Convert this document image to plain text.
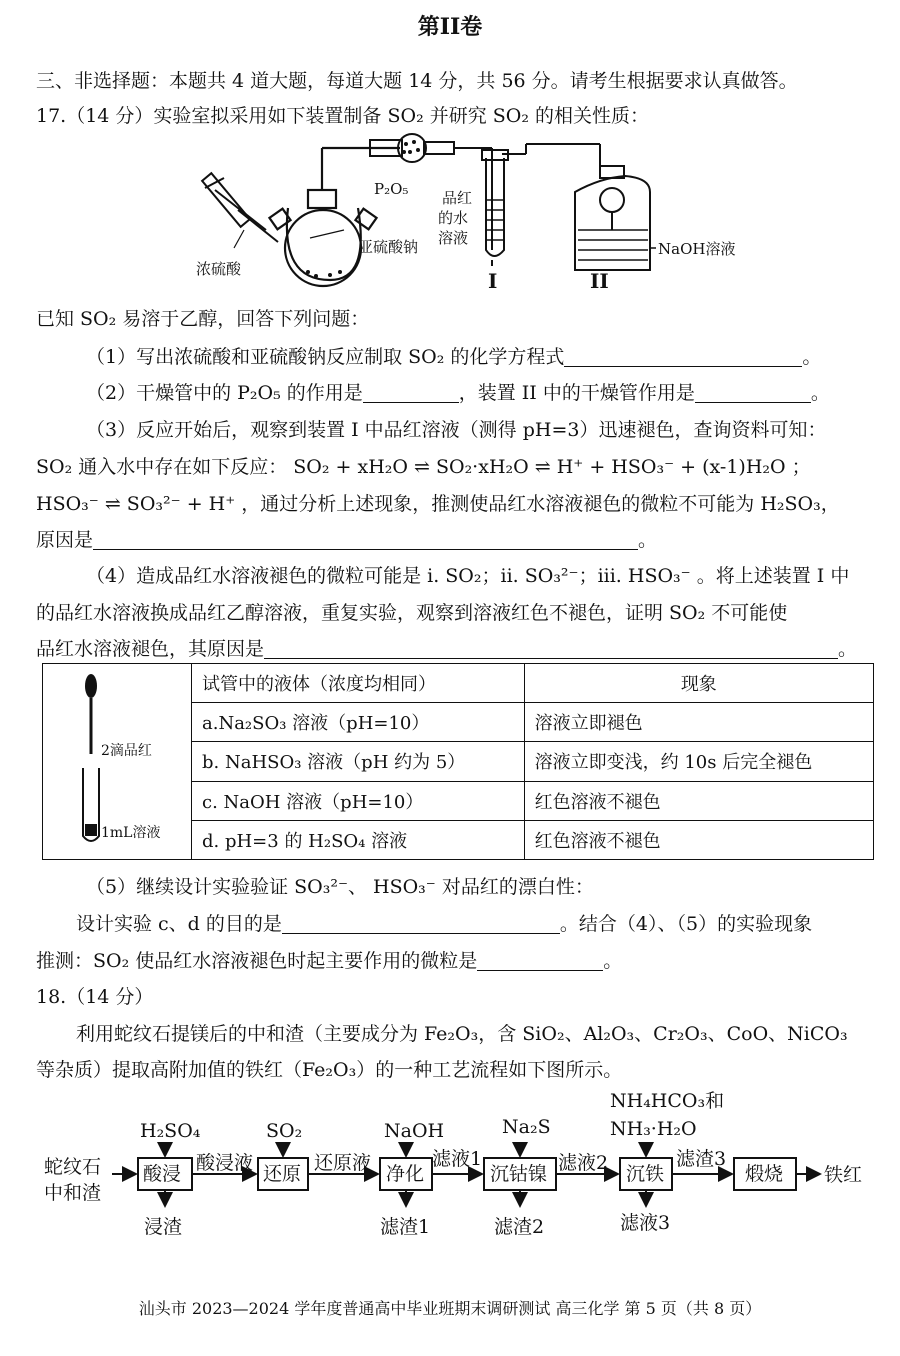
第II卷
三、非选择题：本题共 4 道大题，每道大题 14 分，共 56 分。请考生根据要求认真做答。
17.（14 分）实验室拟采用如下装置制备 SO₂ 并研究 SO₂ 的相关性质：
P₂O₅
浓硫酸
亚硫酸钠
品红
的水
溶液
NaOH溶液
I	II
已知 SO₂ 易溶于乙醇，回答下列问题：
（1）写出浓硫酸和亚硫酸钠反应制取 SO₂ 的化学方程式	。
（2）干燥管中的 P₂O₅ 的作用是	，装置 II 中的干燥管作用是	。
（3）反应开始后，观察到装置 I 中品红溶液（测得 pH=3）迅速褪色，查询资料可知：
SO₂ 通入水中存在如下反应： SO₂ + xH₂O ⇌ SO₂·xH₂O ⇌ H⁺ + HSO₃⁻ + (x-1)H₂O ；
HSO₃⁻ ⇌ SO₃²⁻ + H⁺ ，通过分析上述现象，推测使品红水溶液褪色的微粒不可能为 H₂SO₃，
原因是	。
（4）造成品红水溶液褪色的微粒可能是 i. SO₂；ii. SO₃²⁻；iii. HSO₃⁻ 。将上述装置 I 中
的品红水溶液换成品红乙醇溶液，重复实验，观察到溶液红色不褪色，证明 SO₂ 不可能使
品红水溶液褪色，其原因是	。
2滴品红
1mL溶液	试管中的液体（浓度均相同）	现象
	a.Na₂SO₃ 溶液（pH=10）	溶液立即褪色
	b. NaHSO₃ 溶液（pH 约为 5）	溶液立即变浅，约 10s 后完全褪色
	c. NaOH 溶液（pH=10）	红色溶液不褪色
	d. pH=3 的 H₂SO₄ 溶液	红色溶液不褪色
（5）继续设计实验验证 SO₃²⁻、 HSO₃⁻ 对品红的漂白性：
设计实验 c、d 的目的是	。结合（4）、（5）的实验现象
推测：SO₂ 使品红水溶液褪色时起主要作用的微粒是	。
18.（14 分）
利用蛇纹石提镁后的中和渣（主要成分为 Fe₂O₃，含 SiO₂、Al₂O₃、Cr₂O₃、CoO、NiCO₃
等杂质）提取高附加值的铁红（Fe₂O₃）的一种工艺流程如下图所示。
蛇纹石
中和渣
酸浸	还原	净化	沉钴镍	沉铁	煅烧
H₂SO₄	SO₂	NaOH	Na₂S
NH₄HCO₃和
NH₃·H₂O
酸浸液	还原液	滤液1	滤液2	滤渣3
浸渣	滤渣1	滤渣2	滤液3
铁红
汕头市 2023—2024 学年度普通高中毕业班期末调研测试 高三化学 第 5 页（共 8 页）
